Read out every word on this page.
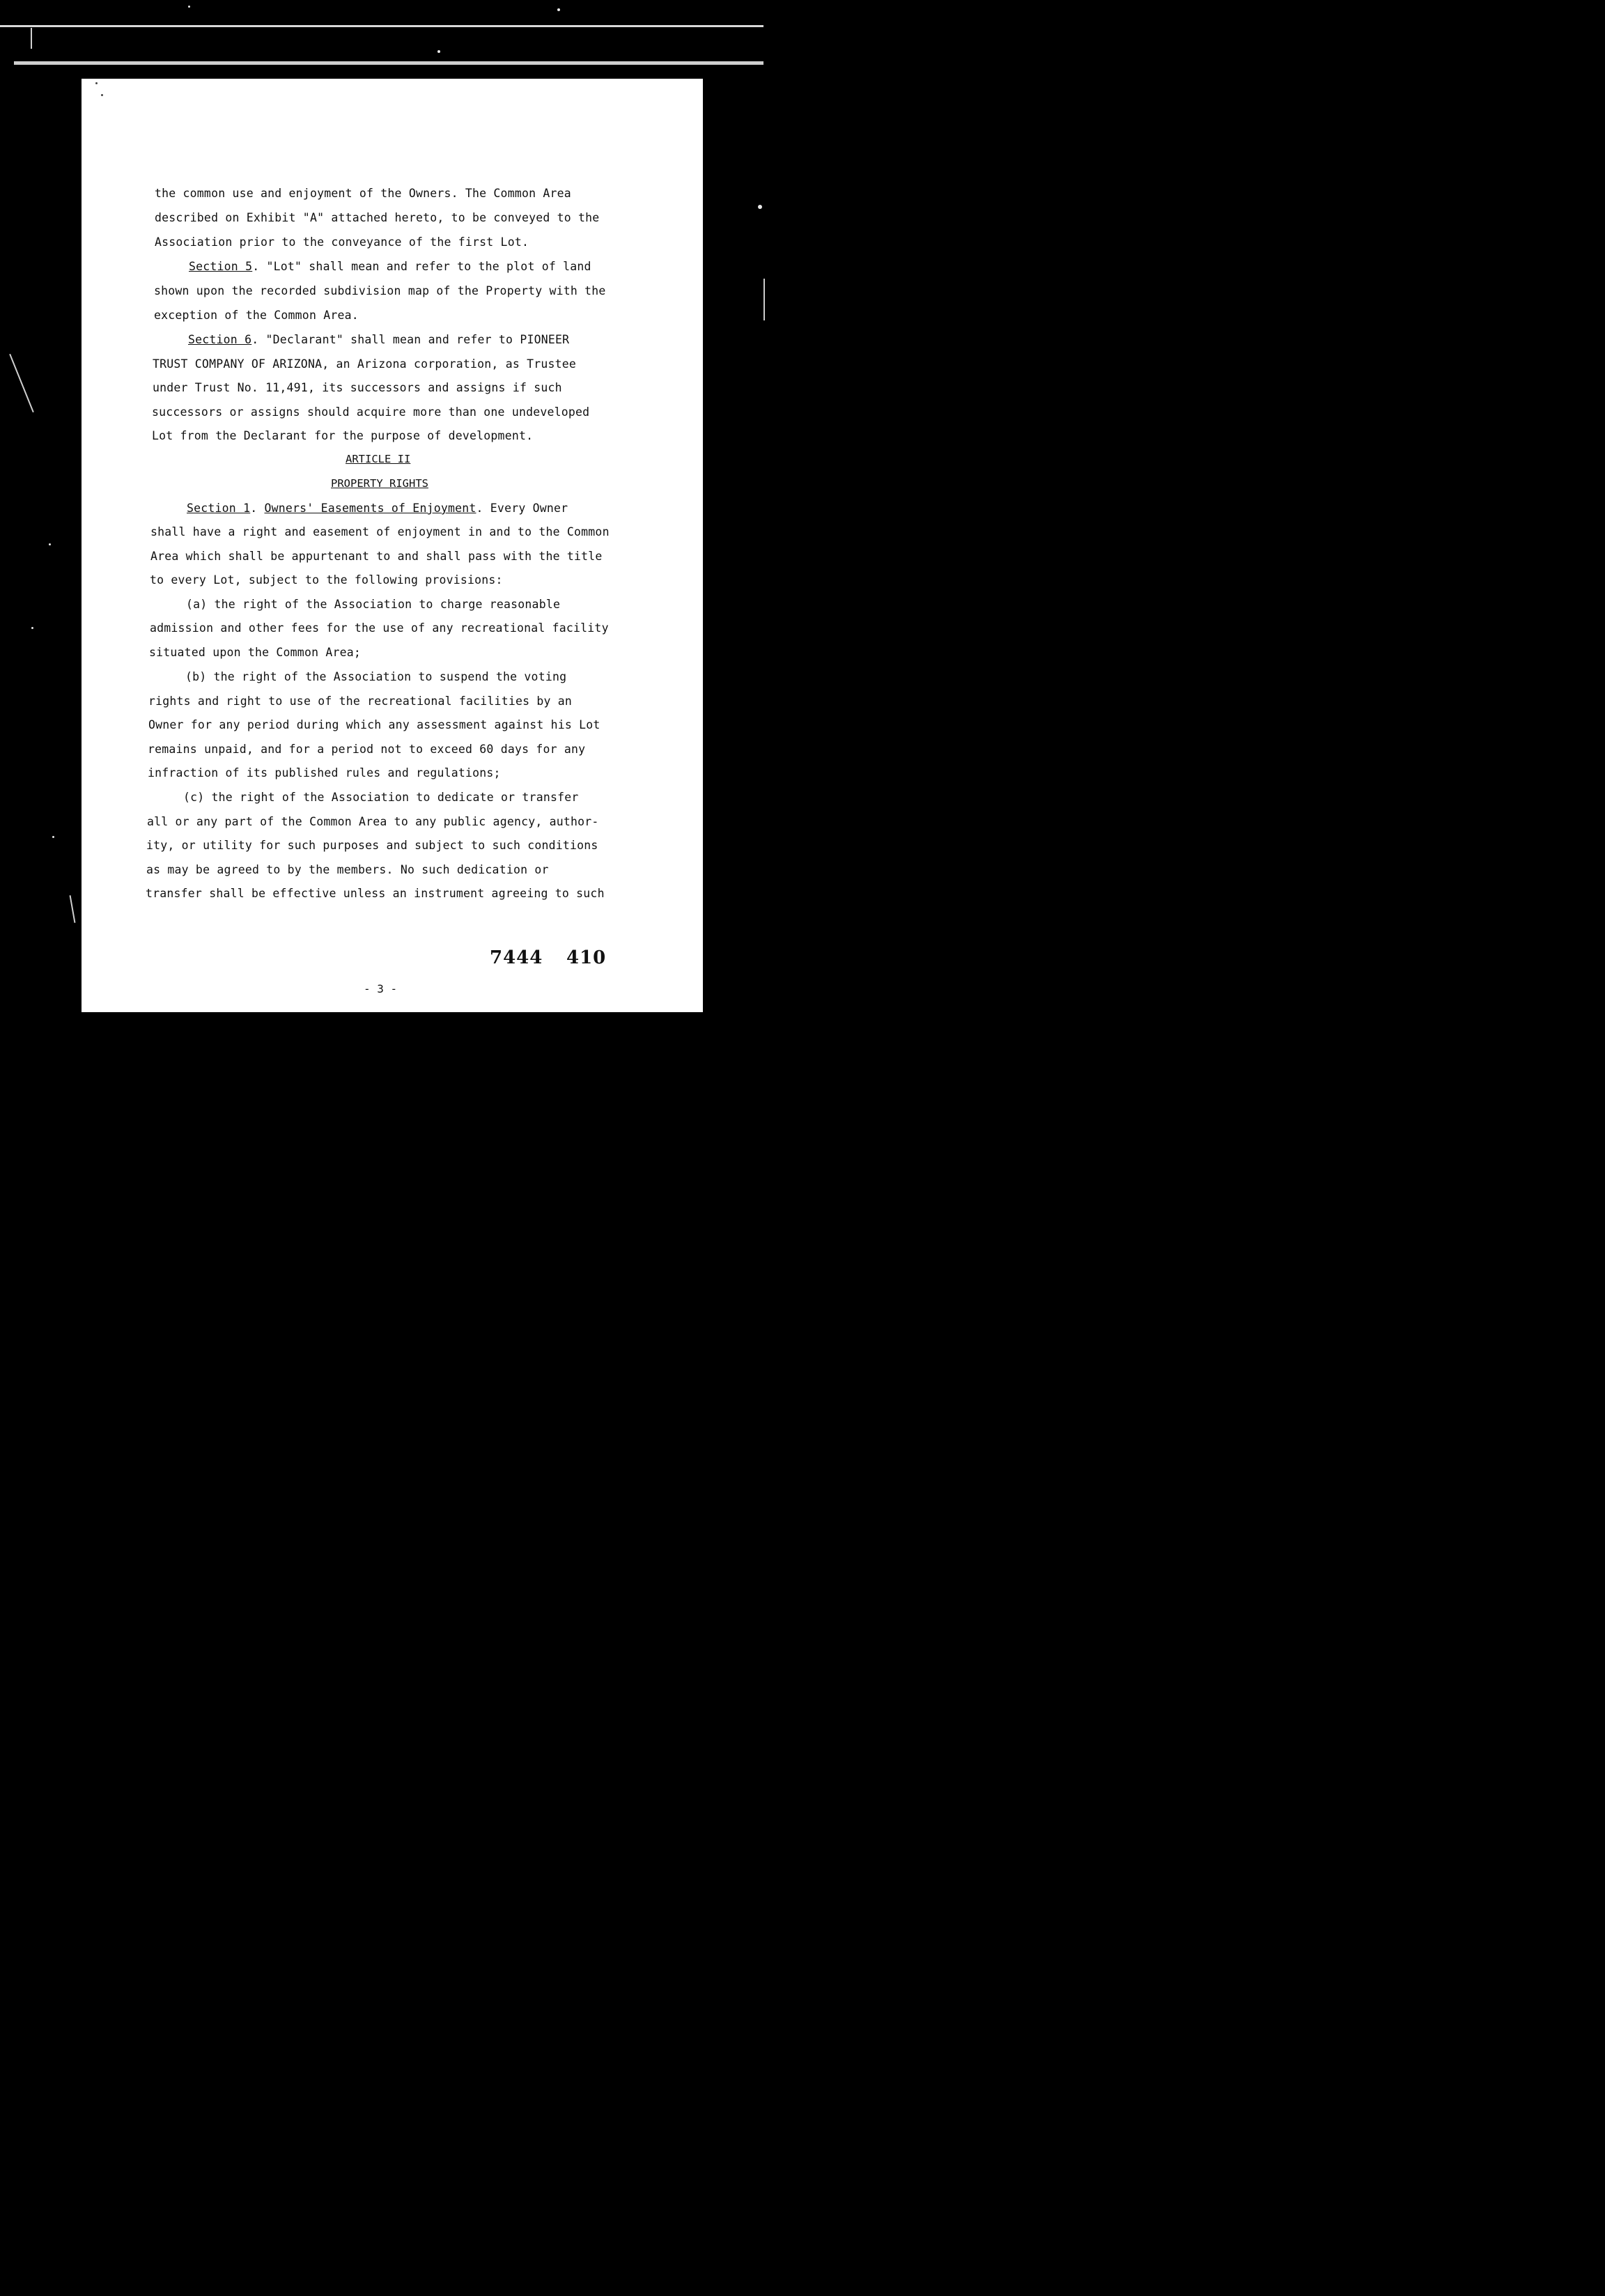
the common use and enjoyment of the Owners. The Common Area
described on Exhibit "A" attached hereto, to be conveyed to the
Association prior to the conveyance of the first Lot.
Section 5. "Lot" shall mean and refer to the plot of land
shown upon the recorded subdivision map of the Property with the
exception of the Common Area.
Section 6. "Declarant" shall mean and refer to PIONEER
TRUST COMPANY OF ARIZONA, an Arizona corporation, as Trustee
under Trust No. 11,491, its successors and assigns if such
successors or assigns should acquire more than one undeveloped
Lot from the Declarant for the purpose of development.
ARTICLE II
PROPERTY RIGHTS
Section 1. Owners' Easements of Enjoyment. Every Owner
shall have a right and easement of enjoyment in and to the Common
Area which shall be appurtenant to and shall pass with the title
to every Lot, subject to the following provisions:
(a) the right of the Association to charge reasonable
admission and other fees for the use of any recreational facility
situated upon the Common Area;
(b) the right of the Association to suspend the voting
rights and right to use of the recreational facilities by an
Owner for any period during which any assessment against his Lot
remains unpaid, and for a period not to exceed 60 days for any
infraction of its published rules and regulations;
(c) the right of the Association to dedicate or transfer
all or any part of the Common Area to any public agency, author-
ity, or utility for such purposes and subject to such conditions
as may be agreed to by the members. No such dedication or
transfer shall be effective unless an instrument agreeing to such
7444 410
- 3 -
